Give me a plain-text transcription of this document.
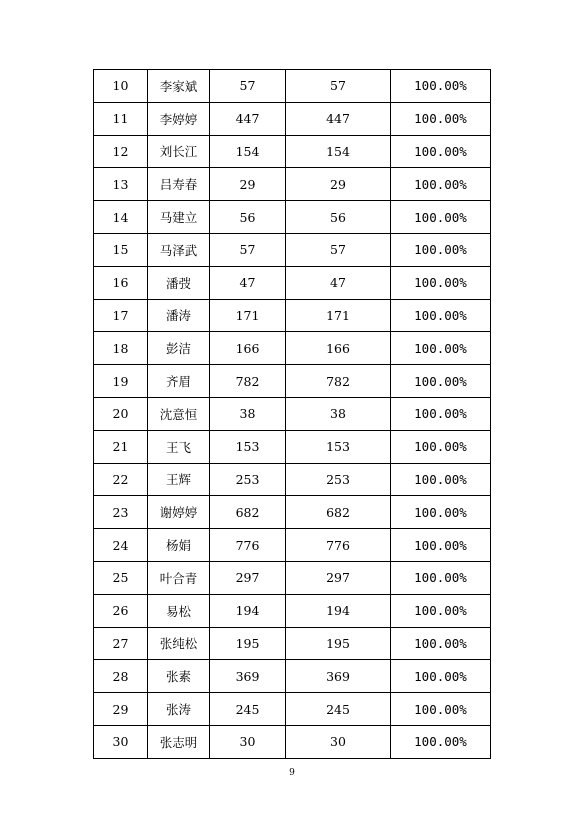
10	李家斌	57	57	100.00%
11	李婷婷	447	447	100.00%
12	刘长江	154	154	100.00%
13	吕寿春	29	29	100.00%
14	马建立	56	56	100.00%
15	马泽武	57	57	100.00%
16	潘弢	47	47	100.00%
17	潘涛	171	171	100.00%
18	彭洁	166	166	100.00%
19	齐眉	782	782	100.00%
20	沈意恒	38	38	100.00%
21	王飞	153	153	100.00%
22	王辉	253	253	100.00%
23	谢婷婷	682	682	100.00%
24	杨娟	776	776	100.00%
25	叶合青	297	297	100.00%
26	易松	194	194	100.00%
27	张纯松	195	195	100.00%
28	张素	369	369	100.00%
29	张涛	245	245	100.00%
30	张志明	30	30	100.00%
9
